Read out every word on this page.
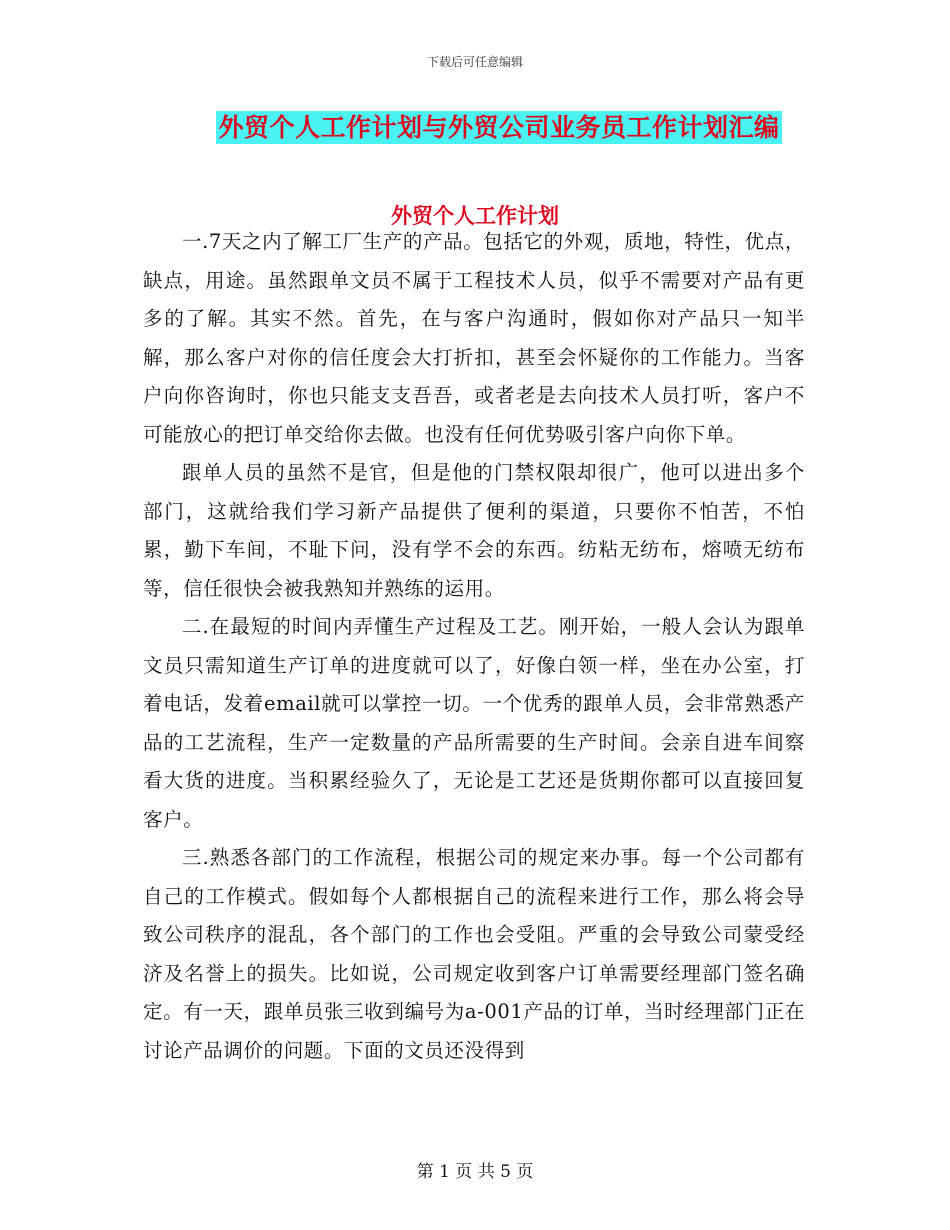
下载后可任意编辑
外贸个人工作计划与外贸公司业务员工作计划汇编
外贸个人工作计划

一.7天之内了解工厂生产的产品。包括它的外观，质地，特性，优点，缺点，用途。虽然跟单文员不属于工程技术人员，似乎不需要对产品有更多的了解。其实不然。首先，在与客户沟通时，假如你对产品只一知半解，那么客户对你的信任度会大打折扣，甚至会怀疑你的工作能力。当客户向你咨询时，你也只能支支吾吾，或者老是去向技术人员打听，客户不可能放心的把订单交给你去做。也没有任何优势吸引客户向你下单。

跟单人员的虽然不是官，但是他的门禁权限却很广，他可以进出多个部门，这就给我们学习新产品提供了便利的渠道，只要你不怕苦，不怕累，勤下车间，不耻下问，没有学不会的东西。纺粘无纺布，熔喷无纺布等，信任很快会被我熟知并熟练的运用。

二.在最短的时间内弄懂生产过程及工艺。刚开始，一般人会认为跟单文员只需知道生产订单的进度就可以了，好像白领一样，坐在办公室，打着电话，发着email就可以掌控一切。一个优秀的跟单人员，会非常熟悉产品的工艺流程，生产一定数量的产品所需要的生产时间。会亲自进车间察看大货的进度。当积累经验久了，无论是工艺还是货期你都可以直接回复客户。

三.熟悉各部门的工作流程，根据公司的规定来办事。每一个公司都有自己的工作模式。假如每个人都根据自己的流程来进行工作，那么将会导致公司秩序的混乱，各个部门的工作也会受阻。严重的会导致公司蒙受经济及名誉上的损失。比如说，公司规定收到客户订单需要经理部门签名确定。有一天，跟单员张三收到编号为a-001产品的订单，当时经理部门正在讨论产品调价的问题。下面的文员还没得到

第 1 页 共 5 页
